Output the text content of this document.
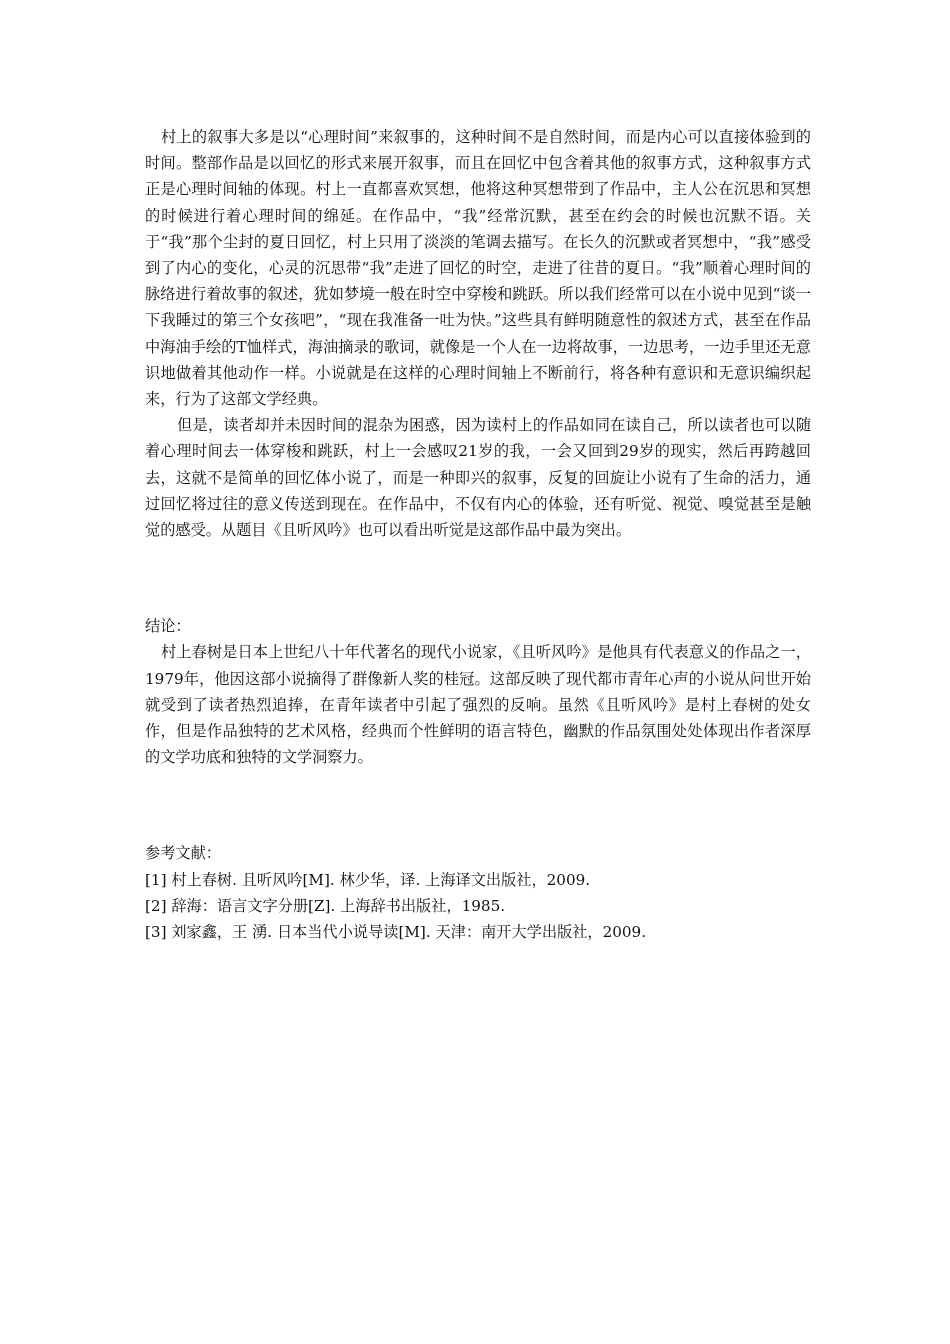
村上的叙事大多是以“心理时间”来叙事的，这种时间不是自然时间，而是内心可以直接体验到的时间。整部作品是以回忆的形式来展开叙事，而且在回忆中包含着其他的叙事方式，这种叙事方式正是心理时间轴的体现。村上一直都喜欢冥想，他将这种冥想带到了作品中，主人公在沉思和冥想的时候进行着心理时间的绵延。在作品中，“我”经常沉默，甚至在约会的时候也沉默不语。关于“我”那个尘封的夏日回忆，村上只用了淡淡的笔调去描写。在长久的沉默或者冥想中，“我”感受到了内心的变化，心灵的沉思带“我”走进了回忆的时空，走进了往昔的夏日。“我”顺着心理时间的脉络进行着故事的叙述，犹如梦境一般在时空中穿梭和跳跃。所以我们经常可以在小说中见到“谈一下我睡过的第三个女孩吧”，“现在我准备一吐为快。”这些具有鲜明随意性的叙述方式，甚至在作品中海油手绘的T恤样式，海油摘录的歌词，就像是一个人在一边将故事，一边思考，一边手里还无意识地做着其他动作一样。小说就是在这样的心理时间轴上不断前行，将各种有意识和无意识编织起来，行为了这部文学经典。

但是，读者却并未因时间的混杂为困惑，因为读村上的作品如同在读自己，所以读者也可以随着心理时间去一体穿梭和跳跃，村上一会感叹21岁的我，一会又回到29岁的现实，然后再跨越回去，这就不是简单的回忆体小说了，而是一种即兴的叙事，反复的回旋让小说有了生命的活力，通过回忆将过往的意义传送到现在。在作品中，不仅有内心的体验，还有听觉、视觉、嗅觉甚至是触觉的感受。从题目《且听风吟》也可以看出听觉是这部作品中最为突出。

结论：

村上春树是日本上世纪八十年代著名的现代小说家，《且听风吟》是他具有代表意义的作品之一，1979年，他因这部小说摘得了群像新人奖的桂冠。这部反映了现代都市青年心声的小说从问世开始就受到了读者热烈追捧，在青年读者中引起了强烈的反响。虽然《且听风吟》是村上春树的处女作，但是作品独特的艺术风格，经典而个性鲜明的语言特色，幽默的作品氛围处处体现出作者深厚的文学功底和独特的文学洞察力。

参考文献：
[1] 村上春树. 且听风吟[M]. 林少华，译. 上海译文出版社，2009.
[2] 辞海：语言文字分册[Z]. 上海辞书出版社，1985.
[3] 刘家鑫，王 湧. 日本当代小说导读[M]. 天津：南开大学出版社，2009.
